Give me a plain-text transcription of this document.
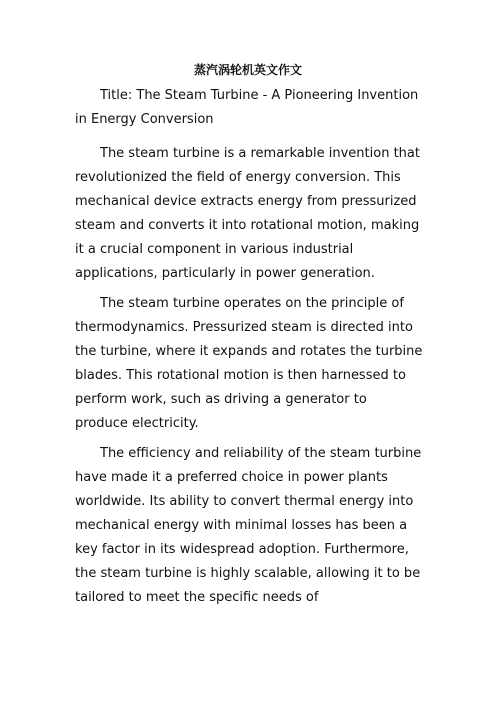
蒸汽涡轮机英文作文

Title: The Steam Turbine - A Pioneering Invention in Energy Conversion

The steam turbine is a remarkable invention that revolutionized the field of energy conversion. This mechanical device extracts energy from pressurized steam and converts it into rotational motion, making it a crucial component in various industrial applications, particularly in power generation.

The steam turbine operates on the principle of thermodynamics. Pressurized steam is directed into the turbine, where it expands and rotates the turbine blades. This rotational motion is then harnessed to perform work, such as driving a generator to produce electricity.

The efficiency and reliability of the steam turbine have made it a preferred choice in power plants worldwide. Its ability to convert thermal energy into mechanical energy with minimal losses has been a key factor in its widespread adoption. Furthermore, the steam turbine is highly scalable, allowing it to be tailored to meet the specific needs of
